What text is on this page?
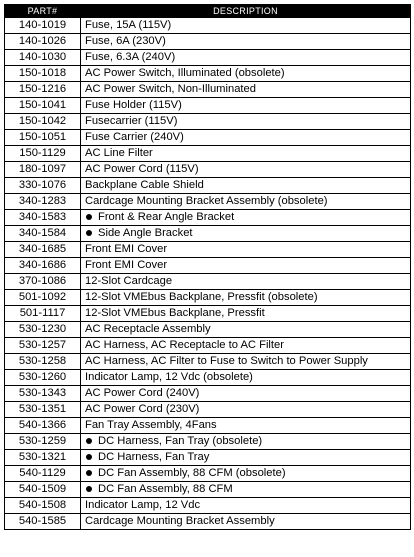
PART#	DESCRIPTION
140-1019	Fuse, 15A (115V)
140-1026	Fuse, 6A (230V)
140-1030	Fuse, 6.3A (240V)
150-1018	AC Power Switch, Illuminated (obsolete)
150-1216	AC Power Switch, Non-Illuminated
150-1041	Fuse Holder (115V)
150-1042	Fusecarrier (115V)
150-1051	Fuse Carrier (240V)
150-1129	AC Line Filter
180-1097	AC Power Cord (115V)
330-1076	Backplane Cable Shield
340-1283	Cardcage Mounting Bracket Assembly (obsolete)
340-1583	Front & Rear Angle Bracket
340-1584	Side Angle Bracket
340-1685	Front EMI Cover
340-1686	Front EMI Cover
370-1086	12-Slot Cardcage
501-1092	12-Slot VMEbus Backplane, Pressfit (obsolete)
501-1117	12-Slot VMEbus Backplane, Pressfit
530-1230	AC Receptacle Assembly
530-1257	AC Harness, AC Receptacle to AC Filter
530-1258	AC Harness, AC Filter to Fuse to Switch to Power Supply
530-1260	Indicator Lamp, 12 Vdc (obsolete)
530-1343	AC Power Cord (240V)
530-1351	AC Power Cord (230V)
540-1366	Fan Tray Assembly, 4Fans
530-1259	DC Harness, Fan Tray (obsolete)
530-1321	DC Harness, Fan Tray
540-1129	DC Fan Assembly, 88 CFM (obsolete)
540-1509	DC Fan Assembly, 88 CFM
540-1508	Indicator Lamp, 12 Vdc
540-1585	Cardcage Mounting Bracket Assembly
